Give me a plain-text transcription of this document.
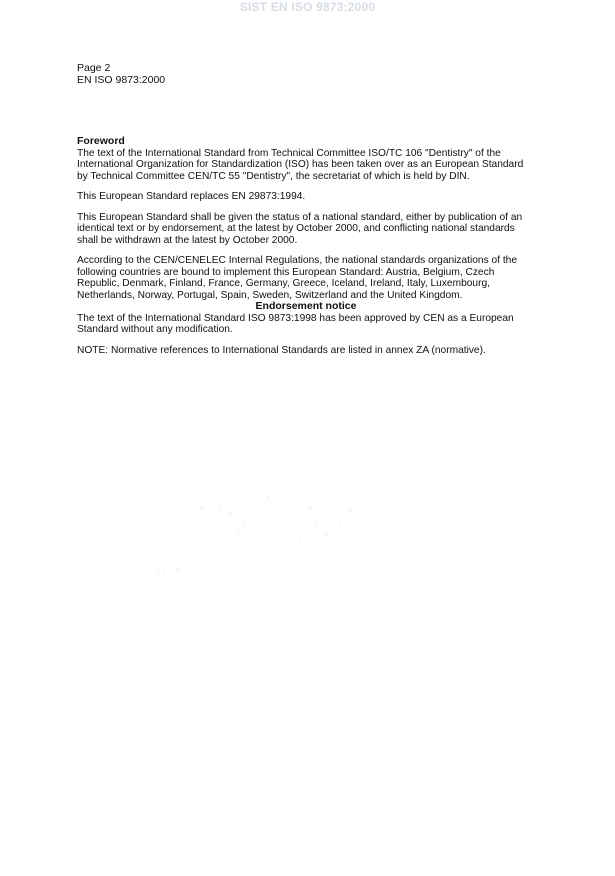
SIST EN ISO 9873:2000
Page 2
EN ISO 9873:2000

Foreword

The text of the International Standard from Technical Committee ISO/TC 106 "Dentistry" of the International Organization for Standardization (ISO) has been taken over as an European Standard by Technical Committee CEN/TC 55 "Dentistry", the secretariat of which is held by DIN.

This European Standard replaces EN 29873:1994.

This European Standard shall be given the status of a national standard, either by publication of an identical text or by endorsement, at the latest by October 2000, and conflicting national standards shall be withdrawn at the latest by October 2000.

According to the CEN/CENELEC Internal Regulations, the national standards organizations of the following countries are bound to implement this European Standard: Austria, Belgium, Czech Republic, Denmark, Finland, France, Germany, Greece, Iceland, Ireland, Italy, Luxembourg, Netherlands, Norway, Portugal, Spain, Sweden, Switzerland and the United Kingdom.

Endorsement notice

The text of the International Standard ISO 9873:1998 has been approved by CEN as a European Standard without any modification.

NOTE: Normative references to International Standards are listed in annex ZA (normative).
